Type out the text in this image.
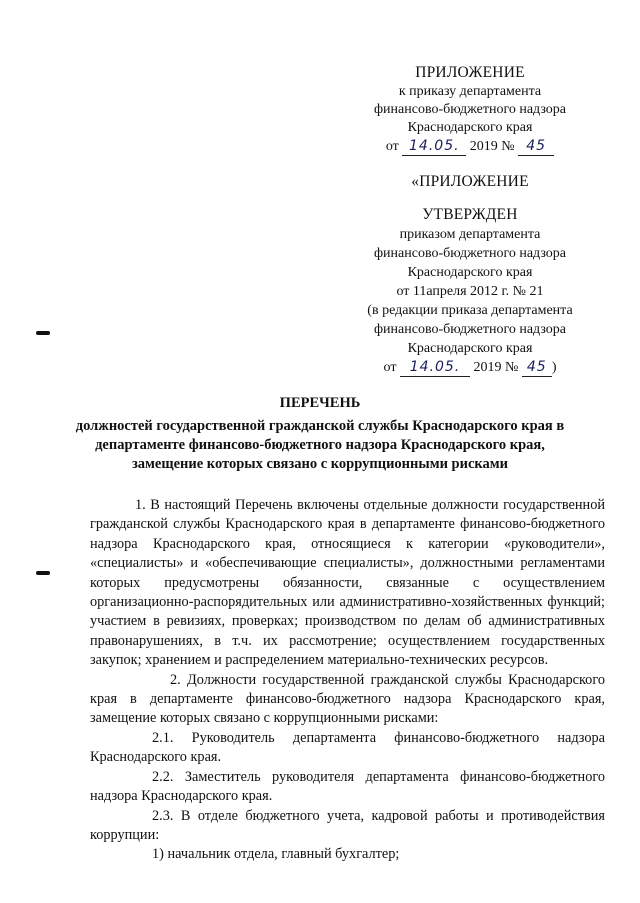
ПРИЛОЖЕНИЕ
к приказу департамента
финансово-бюджетного надзора
Краснодарского края
от 14.05. 2019 № 45
«ПРИЛОЖЕНИЕ
УТВЕРЖДЕН
приказом департамента
финансово-бюджетного надзора
Краснодарского края
от 11апреля 2012 г. № 21
(в редакции приказа департамента
финансово-бюджетного надзора
Краснодарского края
от 14.05. 2019 № 45 )
ПЕРЕЧЕНЬ
должностей государственной гражданской службы Краснодарского края в
департаменте финансово-бюджетного надзора Краснодарского края,
замещение которых связано с коррупционными рисками

1. В настоящий Перечень включены отдельные должности государственной гражданской службы Краснодарского края в департаменте финансово-бюджетного надзора Краснодарского края, относящиеся к категории «руководители», «специалисты» и «обеспечивающие специалисты», должностными регламентами которых предусмотрены обязанности, связанные с осуществлением организационно-распорядительных или административно-хозяйственных функций; участием в ревизиях, проверках; производством по делам об административных правонарушениях, в т.ч. их рассмотрение; осуществлением государственных закупок; хранением и распределением материально-технических ресурсов.

2. Должности государственной гражданской службы Краснодарского края в департаменте финансово-бюджетного надзора Краснодарского края, замещение которых связано с коррупционными рисками:

2.1. Руководитель департамента финансово-бюджетного надзора Краснодарского края.

2.2. Заместитель руководителя департамента финансово-бюджетного надзора Краснодарского края.

2.3. В отделе бюджетного учета, кадровой работы и противодействия коррупции:

1) начальник отдела, главный бухгалтер;
